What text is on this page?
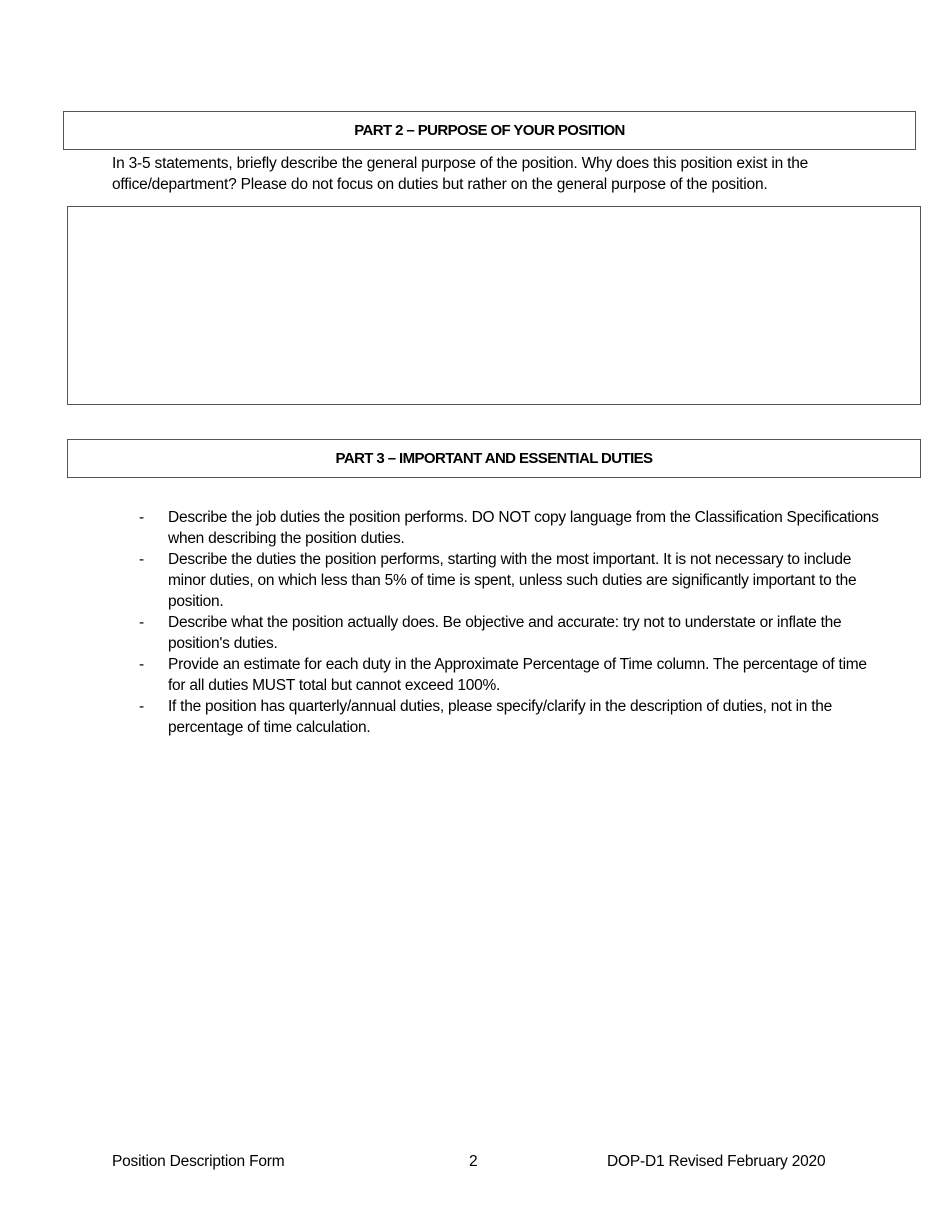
PART 2 – PURPOSE OF YOUR POSITION
In 3-5 statements, briefly describe the general purpose of the position. Why does this position exist in the office/department? Please do not focus on duties but rather on the general purpose of the position.
PART 3 – IMPORTANT AND ESSENTIAL DUTIES
-	Describe the job duties the position performs. DO NOT copy language from the Classification Specifications when describing the position duties.
-	Describe the duties the position performs, starting with the most important. It is not necessary to include minor duties, on which less than 5% of time is spent, unless such duties are significantly important to the position.
-	Describe what the position actually does. Be objective and accurate: try not to understate or inflate the position's duties.
-	Provide an estimate for each duty in the Approximate Percentage of Time column. The percentage of time for all duties MUST total but cannot exceed 100%.
-	If the position has quarterly/annual duties, please specify/clarify in the description of duties, not in the percentage of time calculation.
Position Description Form	2	DOP-D1 Revised February 2020
